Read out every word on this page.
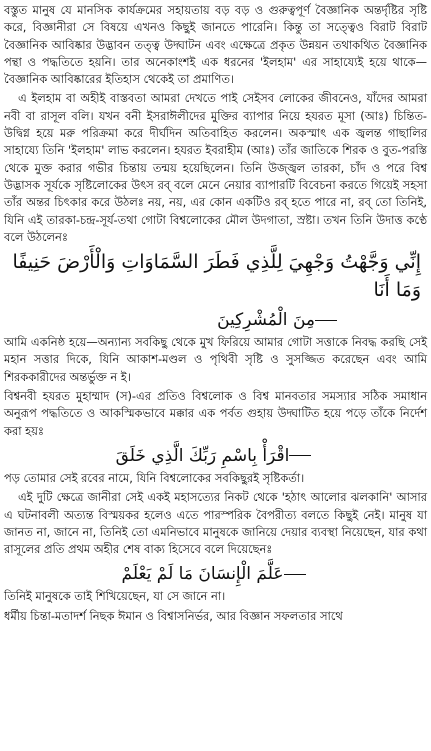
বস্তুত মানুষ যে মানসিক কার্যক্রমের সহায়তায় বড় বড় ও গুরুত্বপূর্ণ বৈজ্ঞানিক অন্তর্দৃষ্টির সৃষ্টি করে, বিজ্ঞানীরা সে বিষয়ে এখনও কিছুই জানতে পারেনি। কিন্তু তা সত্ত্বেও বিরাট বিরাট বৈজ্ঞানিক আবিষ্কার উদ্ভাবন তত্ত্ব উদ্ঘাটন এবং এক্ষেত্রে প্রকৃত উন্নয়ন তথাকথিত বৈজ্ঞানিক পন্থা ও পদ্ধতিতে হয়নি। তার অনেকাংশই এক ধরনের 'ইলহাম' এর সাহায্যেই হয়ে থাকে—বৈজ্ঞানিক আবিষ্কারের ইতিহাস থেকেই তা প্রমাণিত।

এ ইলহাম বা অহীই বাস্তবতা আমরা দেখতে পাই সেইসব লোকের জীবনেও, যাঁদের আমরা নবী বা রাসূল বলি। যখন বনী ইসরাঈলীদের মুক্তির ব্যাপার নিয়ে হযরত মূসা (আঃ) চিন্তিত-উদ্বিগ্ন হয়ে মরু পরিক্রমা করে দীর্ঘদিন অতিবাহিত করলেন। অকস্মাৎ এক জ্বলন্ত গাছালির সাহায্যে তিনি 'ইলহাম' লাভ করলেন। হযরত ইবরাহীম (আঃ) তাঁর জাতিকে শিরক ও বুত-পরস্তি থেকে মুক্ত করার গভীর চিন্তায় তন্ময় হয়েছিলেন। তিনি উজ্জ্বল তারকা, চাঁদ ও পরে বিশ্ব উদ্ভাসক সূর্যকে সৃষ্টিলোকের উৎস রব্ বলে মেনে নেয়ার ব্যাপারটি বিবেচনা করতে গিয়েই সহসা তাঁর অন্তর চিৎকার করে উঠলঃ নয়, নয়, এর কোন একটিও রব্ হতে পারে না, রব্ তো তিনিই, যিনি এই তারকা-চন্দ্র-সূর্য-তথা গোটা বিশ্বলোকের মৌল উদগাতা, স্রষ্টা। তখন তিনি উদাত্ত কণ্ঠে বলে উঠলেনঃ

إِنِّي وَجَّهْتُ وَجْهِيَ لِلَّذِي فَطَرَ السَّمَاوَاتِ وَالْأَرْضَ حَنِيفًا وَمَا أَنَا
مِنَ الْمُشْرِكِينَ

আমি একনিষ্ঠ হয়ে—অন্যান্য সবকিছু থেকে মুখ ফিরিয়ে আমার গোটা সত্তাকে নিবদ্ধ করছি সেই মহান সত্তার দিকে, যিনি আকাশ-মণ্ডল ও পৃথিবী সৃষ্টি ও সুসজ্জিত করেছেন এবং আমি শিরককারীদের অন্তর্ভুক্ত ন ই।

বিশ্বনবী হযরত মুহাম্মাদ (স)-এর প্রতিও বিশ্বলোক ও বিশ্ব মানবতার সমস্যার সঠিক সমাধান অনুরূপ পদ্ধতিতে ও আকস্মিকভাবে মক্কার এক পর্বত গুহায় উদ্ঘাটিত হয়ে পড়ে তাঁকে নির্দেশ করা হয়ঃ

اقْرَأْ بِاسْمِ رَبِّكَ الَّذِي خَلَقَ

পড় তোমার সেই রবের নামে, যিনি বিশ্বলোকের সবকিছুরই সৃষ্টিকর্তা।

এই দুটি ক্ষেত্রে জানীরা সেই একই মহাসত্যের নিকট থেকে 'হঠাৎ আলোর ঝলকানি' আসার এ ঘটনাবলী অত্যন্ত বিস্ময়কর হলেও এতে পারস্পরিক বৈপরীত্য বলতে কিছুই নেই। মানুষ যা জানত না, জানে না, তিনিই তো এমনিভাবে মানুষকে জানিয়ে দেয়ার ব্যবস্থা নিয়েছেন, যার কথা রাসূলের প্রতি প্রথম অহীর শেষ বাক্য হিসেবে বলে দিয়েছেনঃ

عَلَّمَ الْإِنسَانَ مَا لَمْ يَعْلَمْ

তিনিই মানুষকে তাই শিখিয়েছেন, যা সে জানে না।

ধর্মীয় চিন্তা-মতাদর্শ নিছক ঈমান ও বিশ্বাসনির্ভর, আর বিজ্ঞান সফলতার সাথে
